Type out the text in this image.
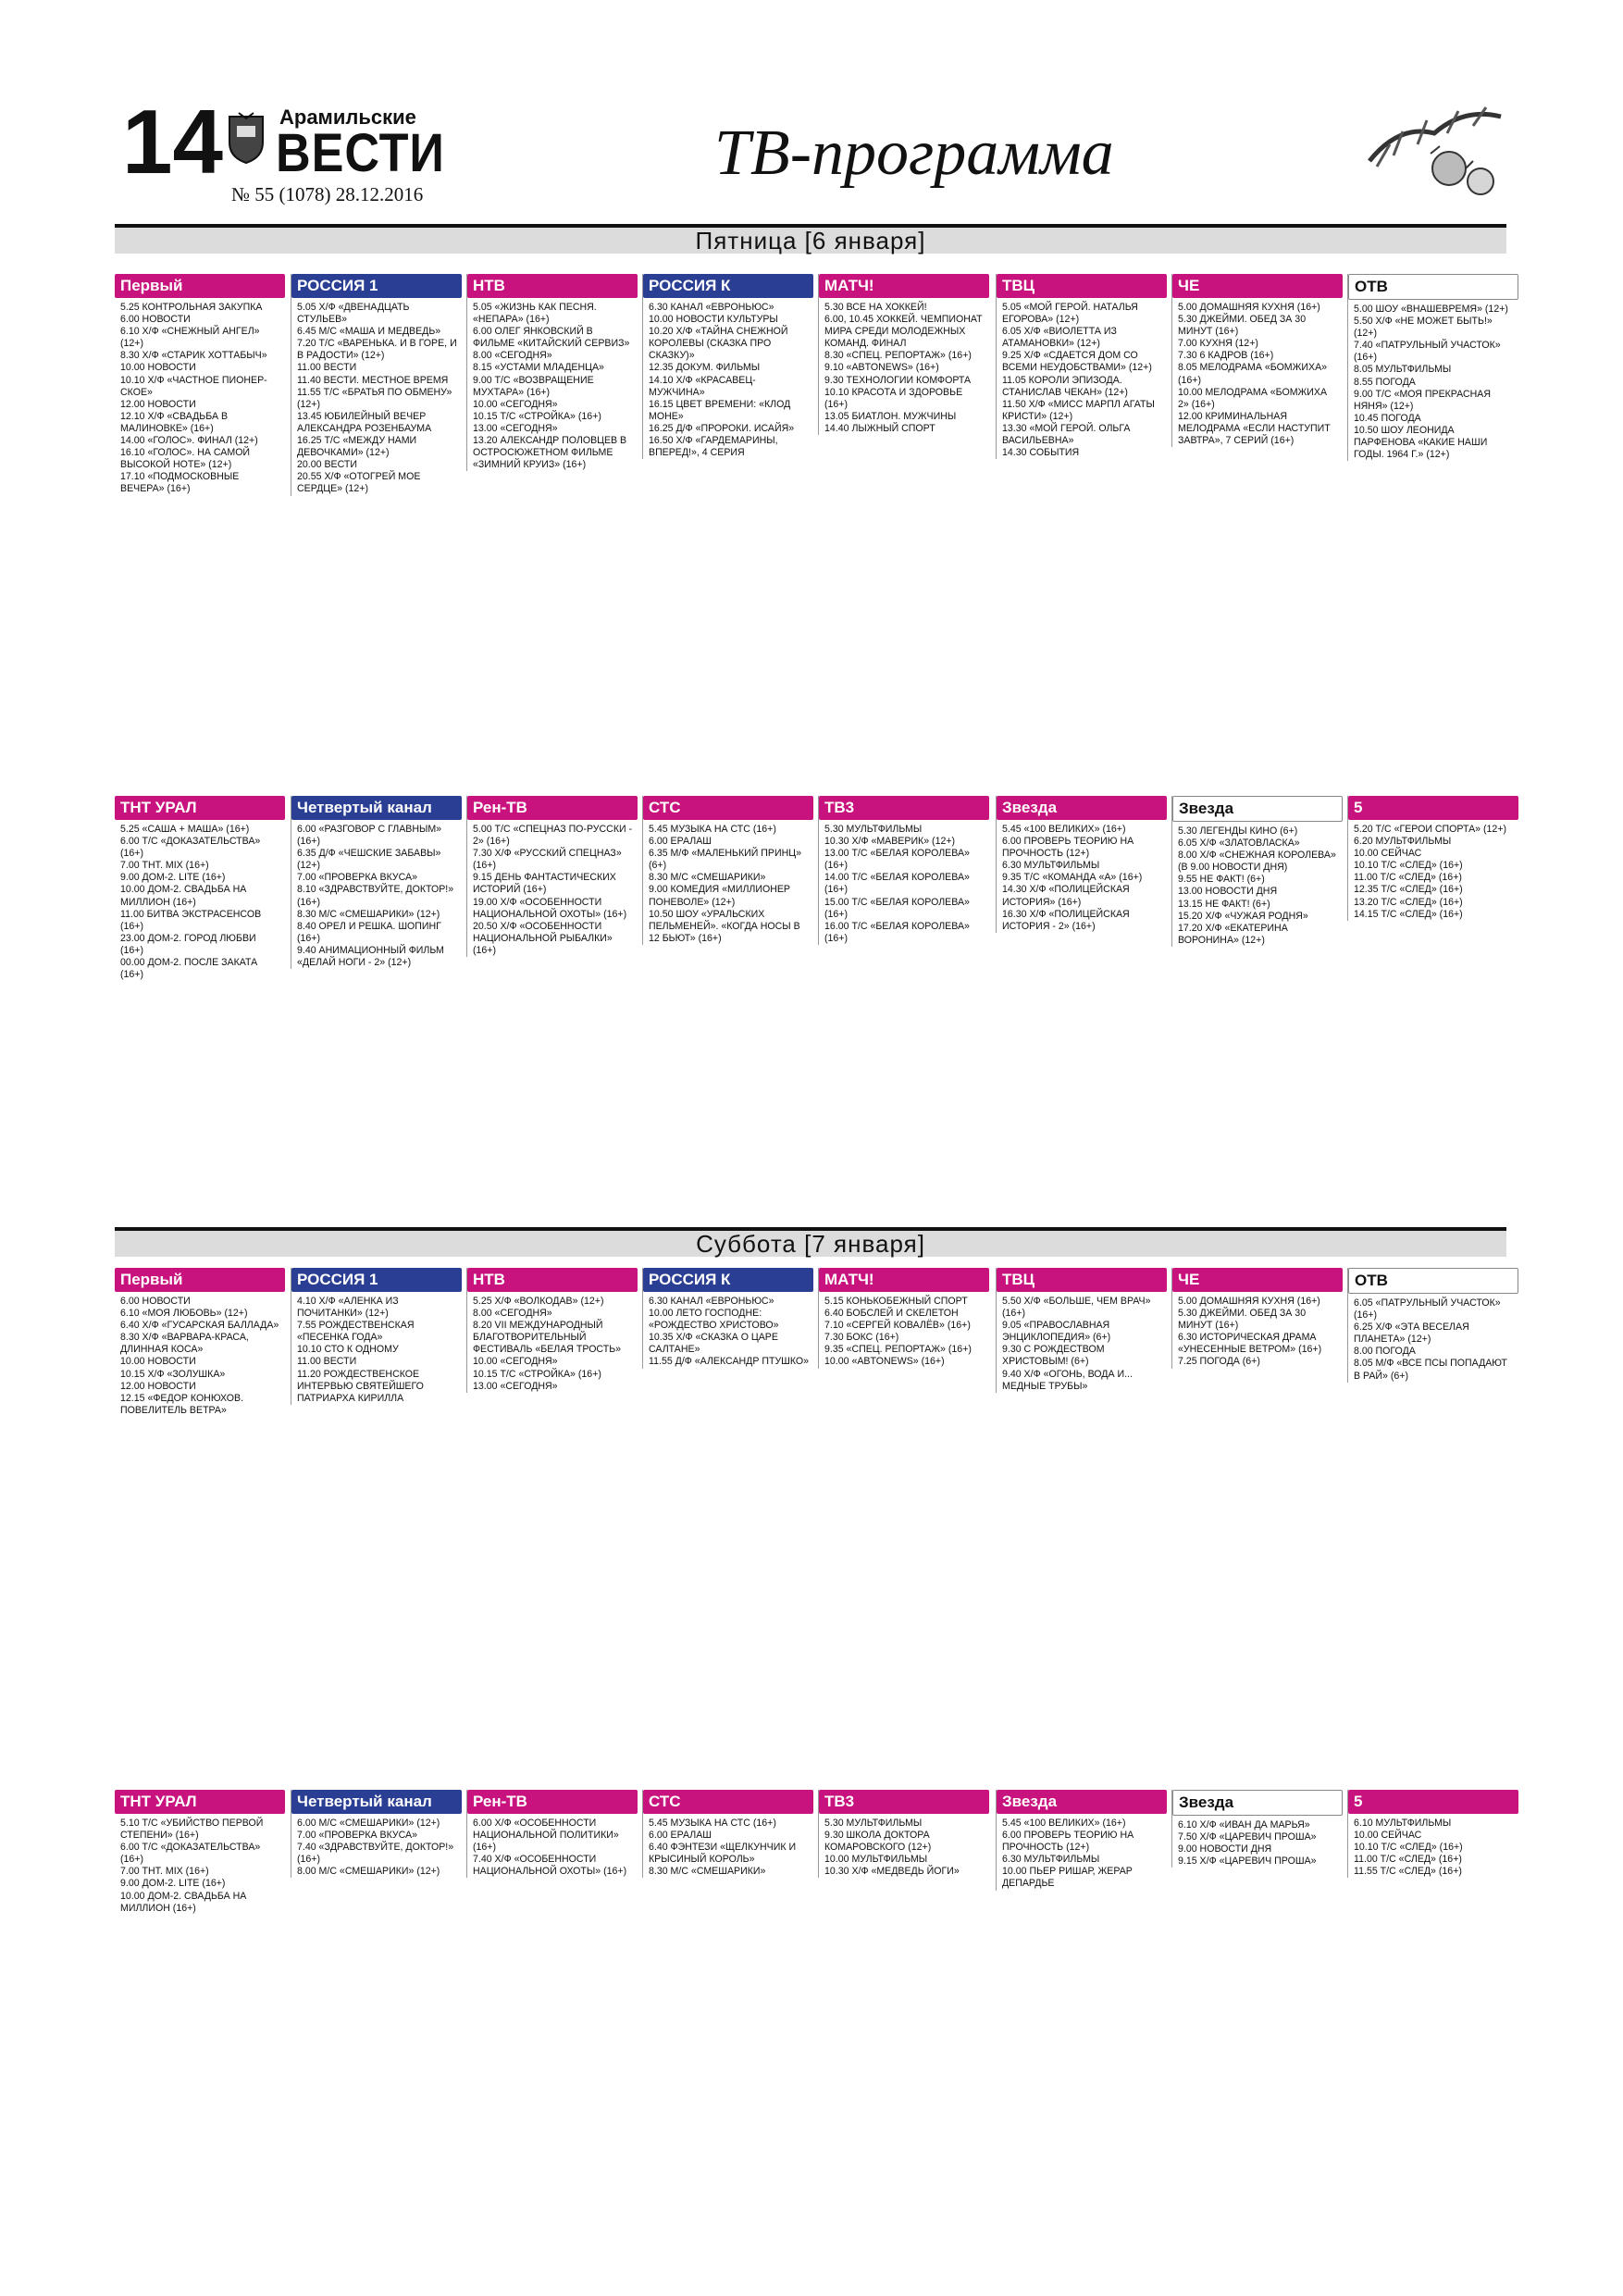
14	Арамильские
ВЕСТИ
№ 55 (1078) 28.12.2016
ТВ-программа
Пятница [6 января]
Первый
5.25 КОНТРОЛЬНАЯ ЗАКУПКА
6.00 НОВОСТИ
6.10 Х/Ф «СНЕЖНЫЙ АНГЕЛ» (12+)
8.30 Х/Ф «СТАРИК ХОТТАБЫЧ»
10.00 НОВОСТИ
10.10 Х/Ф «ЧАСТНОЕ ПИОНЕР-СКОЕ»
12.00 НОВОСТИ
12.10 Х/Ф «СВАДЬБА В МАЛИНОВКЕ» (16+)
14.00 «ГОЛОС». ФИНАЛ (12+)
16.10 «ГОЛОС». НА САМОЙ ВЫСОКОЙ НОТЕ» (12+)
17.10 «ПОДМОСКОВНЫЕ ВЕЧЕРА» (16+)
РОССИЯ 1
5.05 Х/Ф «ДВЕНАДЦАТЬ СТУЛЬЕВ»
6.45 М/С «МАША И МЕДВЕДЬ»
7.20 Т/С «ВАРЕНЬКА. И В ГОРЕ, И В РАДОСТИ» (12+)
11.00 ВЕСТИ
11.40 ВЕСТИ. МЕСТНОЕ ВРЕМЯ
11.55 Т/С «БРАТЬЯ ПО ОБМЕНУ» (12+)
13.45 ЮБИЛЕЙНЫЙ ВЕЧЕР АЛЕКСАНДРА РОЗЕНБАУМА
16.25 Т/С «МЕЖДУ НАМИ ДЕВОЧКАМИ» (12+)
20.00 ВЕСТИ
20.55 Х/Ф «ОТОГРЕЙ МОЕ СЕРДЦЕ» (12+)
НТВ
5.05 «ЖИЗНЬ КАК ПЕСНЯ. «НЕПАРА» (16+)
6.00 ОЛЕГ ЯНКОВСКИЙ В ФИЛЬМЕ «КИТАЙСКИЙ СЕРВИЗ»
8.00 «СЕГОДНЯ»
8.15 «УСТАМИ МЛАДЕНЦА»
9.00 Т/С «ВОЗВРАЩЕНИЕ МУХТАРА» (16+)
10.00 «СЕГОДНЯ»
10.15 Т/С «СТРОЙКА» (16+)
13.00 «СЕГОДНЯ»
13.20 АЛЕКСАНДР ПОЛОВЦЕВ В ОСТРОСЮЖЕТНОМ ФИЛЬМЕ «ЗИМНИЙ КРУИЗ» (16+)
РОССИЯ К
6.30 КАНАЛ «ЕВРОНЬЮС»
10.00 НОВОСТИ КУЛЬТУРЫ
10.20 Х/Ф «ТАЙНА СНЕЖНОЙ КОРОЛЕВЫ (СКАЗКА ПРО СКАЗКУ)»
12.35 ДОКУМ. ФИЛЬМЫ
14.10 Х/Ф «КРАСАВЕЦ-МУЖЧИНА»
16.15 ЦВЕТ ВРЕМЕНИ: «КЛОД МОНЕ»
16.25 Д/Ф «ПРОРОКИ. ИСАЙЯ»
16.50 Х/Ф «ГАРДЕМАРИНЫ, ВПЕРЕД!», 4 СЕРИЯ
МАТЧ!
5.30 ВСЕ НА ХОККЕЙ!
6.00, 10.45 ХОККЕЙ. ЧЕМПИОНАТ МИРА СРЕДИ МОЛОДЕЖНЫХ КОМАНД. ФИНАЛ
8.30 «СПЕЦ. РЕПОРТАЖ» (16+)
9.10 «ABTONEWS» (16+)
9.30 ТЕХНОЛОГИИ КОМФОРТА
10.10 КРАСОТА И ЗДОРОВЬЕ (16+)
13.05 БИАТЛОН. МУЖЧИНЫ
14.40 ЛЫЖНЫЙ СПОРТ
ТВЦ
5.05 «МОЙ ГЕРОЙ. НАТАЛЬЯ ЕГОРОВА» (12+)
6.05 Х/Ф «ВИОЛЕТТА ИЗ АТАМАНОВКИ» (12+)
9.25 Х/Ф «СДАЕТСЯ ДОМ СО ВСЕМИ НЕУДОБСТВАМИ» (12+)
11.05 КОРОЛИ ЭПИЗОДА. СТАНИСЛАВ ЧЕКАН» (12+)
11.50 Х/Ф «МИСС МАРПЛ АГАТЫ КРИСТИ» (12+)
13.30 «МОЙ ГЕРОЙ. ОЛЬГА ВАСИЛЬЕВНА»
14.30 СОБЫТИЯ
ЧЕ
5.00 ДОМАШНЯЯ КУХНЯ (16+)
5.30 ДЖЕЙМИ. ОБЕД ЗА 30 МИНУТ (16+)
7.00 КУХНЯ (12+)
7.30 6 КАДРОВ (16+)
8.05 МЕЛОДРАМА «БОМЖИХА» (16+)
10.00 МЕЛОДРАМА «БОМЖИХА 2» (16+)
12.00 КРИМИНАЛЬНАЯ МЕЛОДРАМА «ЕСЛИ НАСТУПИТ ЗАВТРА», 7 СЕРИЙ (16+)
ОТВ
5.00 ШОУ «ВНАШЕВРЕМЯ» (12+)
5.50 Х/Ф «НЕ МОЖЕТ БЫТЬ!» (12+)
7.40 «ПАТРУЛЬНЫЙ УЧАСТОК» (16+)
8.05 МУЛЬТФИЛЬМЫ
8.55 ПОГОДА
9.00 Т/С «МОЯ ПРЕКРАСНАЯ НЯНЯ» (12+)
10.45 ПОГОДА
10.50 ШОУ ЛЕОНИДА ПАРФЕНОВА «КАКИЕ НАШИ ГОДЫ. 1964 Г.» (12+)
ТНТ УРАЛ
5.25 «САША + МАША» (16+)
6.00 Т/С «ДОКАЗАТЕЛЬСТВА» (16+)
7.00 ТНТ. MIX (16+)
9.00 ДОМ-2. LITE (16+)
10.00 ДОМ-2. СВАДЬБА НА МИЛЛИОН (16+)
11.00 БИТВА ЭКСТРАСЕНСОВ (16+)
23.00 ДОМ-2. ГОРОД ЛЮБВИ (16+)
00.00 ДОМ-2. ПОСЛЕ ЗАКАТА (16+)
Четвертый канал
6.00 «РАЗГОВОР С ГЛАВНЫМ» (16+)
6.35 Д/Ф «ЧЕШСКИЕ ЗАБАВЫ» (12+)
7.00 «ПРОВЕРКА ВКУСА»
8.10 «ЗДРАВСТВУЙТЕ, ДОКТОР!» (16+)
8.30 М/С «СМЕШАРИКИ» (12+)
8.40 ОРЕЛ И РЕШКА. ШОПИНГ (16+)
9.40 АНИМАЦИОННЫЙ ФИЛЬМ «ДЕЛАЙ НОГИ - 2» (12+)
Рен-ТВ
5.00 Т/С «СПЕЦНАЗ ПО-РУССКИ - 2» (16+)
7.30 Х/Ф «РУССКИЙ СПЕЦНАЗ» (16+)
9.15 ДЕНЬ ФАНТАСТИЧЕСКИХ ИСТОРИЙ (16+)
19.00 Х/Ф «ОСОБЕННОСТИ НАЦИОНАЛЬНОЙ ОХОТЫ» (16+)
20.50 Х/Ф «ОСОБЕННОСТИ НАЦИОНАЛЬНОЙ РЫБАЛКИ» (16+)
СТС
5.45 МУЗЫКА НА СТС (16+)
6.00 ЕРАЛАШ
6.35 М/Ф «МАЛЕНЬКИЙ ПРИНЦ» (6+)
8.30 М/С «СМЕШАРИКИ»
9.00 КОМЕДИЯ «МИЛЛИОНЕР ПОНЕВОЛЕ» (12+)
10.50 ШОУ «УРАЛЬСКИХ ПЕЛЬМЕНЕЙ». «КОГДА НОСЫ В 12 БЬЮТ» (16+)
ТВ3
5.30 МУЛЬТФИЛЬМЫ
10.30 Х/Ф «МАВЕРИК» (12+)
13.00 Т/С «БЕЛАЯ КОРОЛЕВА» (16+)
14.00 Т/С «БЕЛАЯ КОРОЛЕВА» (16+)
15.00 Т/С «БЕЛАЯ КОРОЛЕВА» (16+)
16.00 Т/С «БЕЛАЯ КОРОЛЕВА» (16+)
Звезда
5.45 «100 ВЕЛИКИХ» (16+)
6.00 ПРОВЕРЬ ТЕОРИЮ НА ПРОЧНОСТЬ (12+)
6.30 МУЛЬТФИЛЬМЫ
9.35 Т/С «КОМАНДА «А» (16+)
14.30 Х/Ф «ПОЛИЦЕЙСКАЯ ИСТОРИЯ» (16+)
16.30 Х/Ф «ПОЛИЦЕЙСКАЯ ИСТОРИЯ - 2» (16+)
Звезда
5.30 ЛЕГЕНДЫ КИНО (6+)
6.05 Х/Ф «ЗЛАТОВЛАСКА»
8.00 Х/Ф «СНЕЖНАЯ КОРОЛЕВА» (В 9.00 НОВОСТИ ДНЯ)
9.55 НЕ ФАКТ! (6+)
13.00 НОВОСТИ ДНЯ
13.15 НЕ ФАКТ! (6+)
15.20 Х/Ф «ЧУЖАЯ РОДНЯ»
17.20 Х/Ф «ЕКАТЕРИНА ВОРОНИНА» (12+)
5
5.20 Т/С «ГЕРОИ СПОРТА» (12+)
6.20 МУЛЬТФИЛЬМЫ
10.00 СЕЙЧАС
10.10 Т/С «СЛЕД» (16+)
11.00 Т/С «СЛЕД» (16+)
12.35 Т/С «СЛЕД» (16+)
13.20 Т/С «СЛЕД» (16+)
14.15 Т/С «СЛЕД» (16+)
Суббота [7 января]
Первый
6.00 НОВОСТИ
6.10 «МОЯ ЛЮБОВЬ» (12+)
6.40 Х/Ф «ГУСАРСКАЯ БАЛЛАДА»
8.30 Х/Ф «ВАРВАРА-КРАСА, ДЛИННАЯ КОСА»
10.00 НОВОСТИ
10.15 Х/Ф «ЗОЛУШКА»
12.00 НОВОСТИ
12.15 «ФЕДОР КОНЮХОВ. ПОВЕЛИТЕЛЬ ВЕТРА»
РОССИЯ 1
4.10 Х/Ф «АЛЕНКА ИЗ ПОЧИТАНКИ» (12+)
7.55 РОЖДЕСТВЕНСКАЯ «ПЕСЕНКА ГОДА»
10.10 СТО К ОДНОМУ
11.00 ВЕСТИ
11.20 РОЖДЕСТВЕНСКОЕ ИНТЕРВЬЮ СВЯТЕЙШЕГО ПАТРИАРХА КИРИЛЛА
НТВ
5.25 Х/Ф «ВОЛКОДАВ» (12+)
8.00 «СЕГОДНЯ»
8.20 VII МЕЖДУНАРОДНЫЙ БЛАГОТВОРИТЕЛЬНЫЙ ФЕСТИВАЛЬ «БЕЛАЯ ТРОСТЬ»
10.00 «СЕГОДНЯ»
10.15 Т/С «СТРОЙКА» (16+)
13.00 «СЕГОДНЯ»
РОССИЯ К
6.30 КАНАЛ «ЕВРОНЬЮС»
10.00 ЛЕТО ГОСПОДНЕ: «РОЖДЕСТВО ХРИСТОВО»
10.35 Х/Ф «СКАЗКА О ЦАРЕ САЛТАНЕ»
11.55 Д/Ф «АЛЕКСАНДР ПТУШКО»
МАТЧ!
5.15 КОНЬКОБЕЖНЫЙ СПОРТ
6.40 БОБСЛЕЙ И СКЕЛЕТОН
7.10 «СЕРГЕЙ КОВАЛЁВ» (16+)
7.30 БОКС (16+)
9.35 «СПЕЦ. РЕПОРТАЖ» (16+)
10.00 «ABTONEWS» (16+)
ТВЦ
5.50 Х/Ф «БОЛЬШЕ, ЧЕМ ВРАЧ» (16+)
9.05 «ПРАВОСЛАВНАЯ ЭНЦИКЛОПЕДИЯ» (6+)
9.30 С РОЖДЕСТВОМ ХРИСТОВЫМ! (6+)
9.40 Х/Ф «ОГОНЬ, ВОДА И... МЕДНЫЕ ТРУБЫ»
ЧЕ
5.00 ДОМАШНЯЯ КУХНЯ (16+)
5.30 ДЖЕЙМИ. ОБЕД ЗА 30 МИНУТ (16+)
6.30 ИСТОРИЧЕСКАЯ ДРАМА «УНЕСЕННЫЕ ВЕТРОМ» (16+)
7.25 ПОГОДА (6+)
ОТВ
6.05 «ПАТРУЛЬНЫЙ УЧАСТОК» (16+)
6.25 Х/Ф «ЭТА ВЕСЕЛАЯ ПЛАНЕТА» (12+)
8.00 ПОГОДА
8.05 М/Ф «ВСЕ ПСЫ ПОПАДАЮТ В РАЙ» (6+)
ТНТ УРАЛ
5.10 Т/С «УБИЙСТВО ПЕРВОЙ СТЕПЕНИ» (16+)
6.00 Т/С «ДОКАЗАТЕЛЬСТВА» (16+)
7.00 ТНТ. MIX (16+)
9.00 ДОМ-2. LITE (16+)
10.00 ДОМ-2. СВАДЬБА НА МИЛЛИОН (16+)
Четвертый канал
6.00 М/С «СМЕШАРИКИ» (12+)
7.00 «ПРОВЕРКА ВКУСА»
7.40 «ЗДРАВСТВУЙТЕ, ДОКТОР!» (16+)
8.00 М/С «СМЕШАРИКИ» (12+)
Рен-ТВ
6.00 Х/Ф «ОСОБЕННОСТИ НАЦИОНАЛЬНОЙ ПОЛИТИКИ» (16+)
7.40 Х/Ф «ОСОБЕННОСТИ НАЦИОНАЛЬНОЙ ОХОТЫ» (16+)
СТС
5.45 МУЗЫКА НА СТС (16+)
6.00 ЕРАЛАШ
6.40 ФЭНТЕЗИ «ЩЕЛКУНЧИК И КРЫСИНЫЙ КОРОЛЬ»
8.30 М/С «СМЕШАРИКИ»
ТВ3
5.30 МУЛЬТФИЛЬМЫ
9.30 ШКОЛА ДОКТОРА КОМАРОВСКОГО (12+)
10.00 МУЛЬТФИЛЬМЫ
10.30 Х/Ф «МЕДВЕДЬ ЙОГИ»
Звезда
5.45 «100 ВЕЛИКИХ» (16+)
6.00 ПРОВЕРЬ ТЕОРИЮ НА ПРОЧНОСТЬ (12+)
6.30 МУЛЬТФИЛЬМЫ
10.00 ПЬЕР РИШАР, ЖЕРАР ДЕПАРДЬЕ
Звезда
6.10 Х/Ф «ИВАН ДА МАРЬЯ»
7.50 Х/Ф «ЦАРЕВИЧ ПРОША»
9.00 НОВОСТИ ДНЯ
9.15 Х/Ф «ЦАРЕВИЧ ПРОША»
5
6.10 МУЛЬТФИЛЬМЫ
10.00 СЕЙЧАС
10.10 Т/С «СЛЕД» (16+)
11.00 Т/С «СЛЕД» (16+)
11.55 Т/С «СЛЕД» (16+)
